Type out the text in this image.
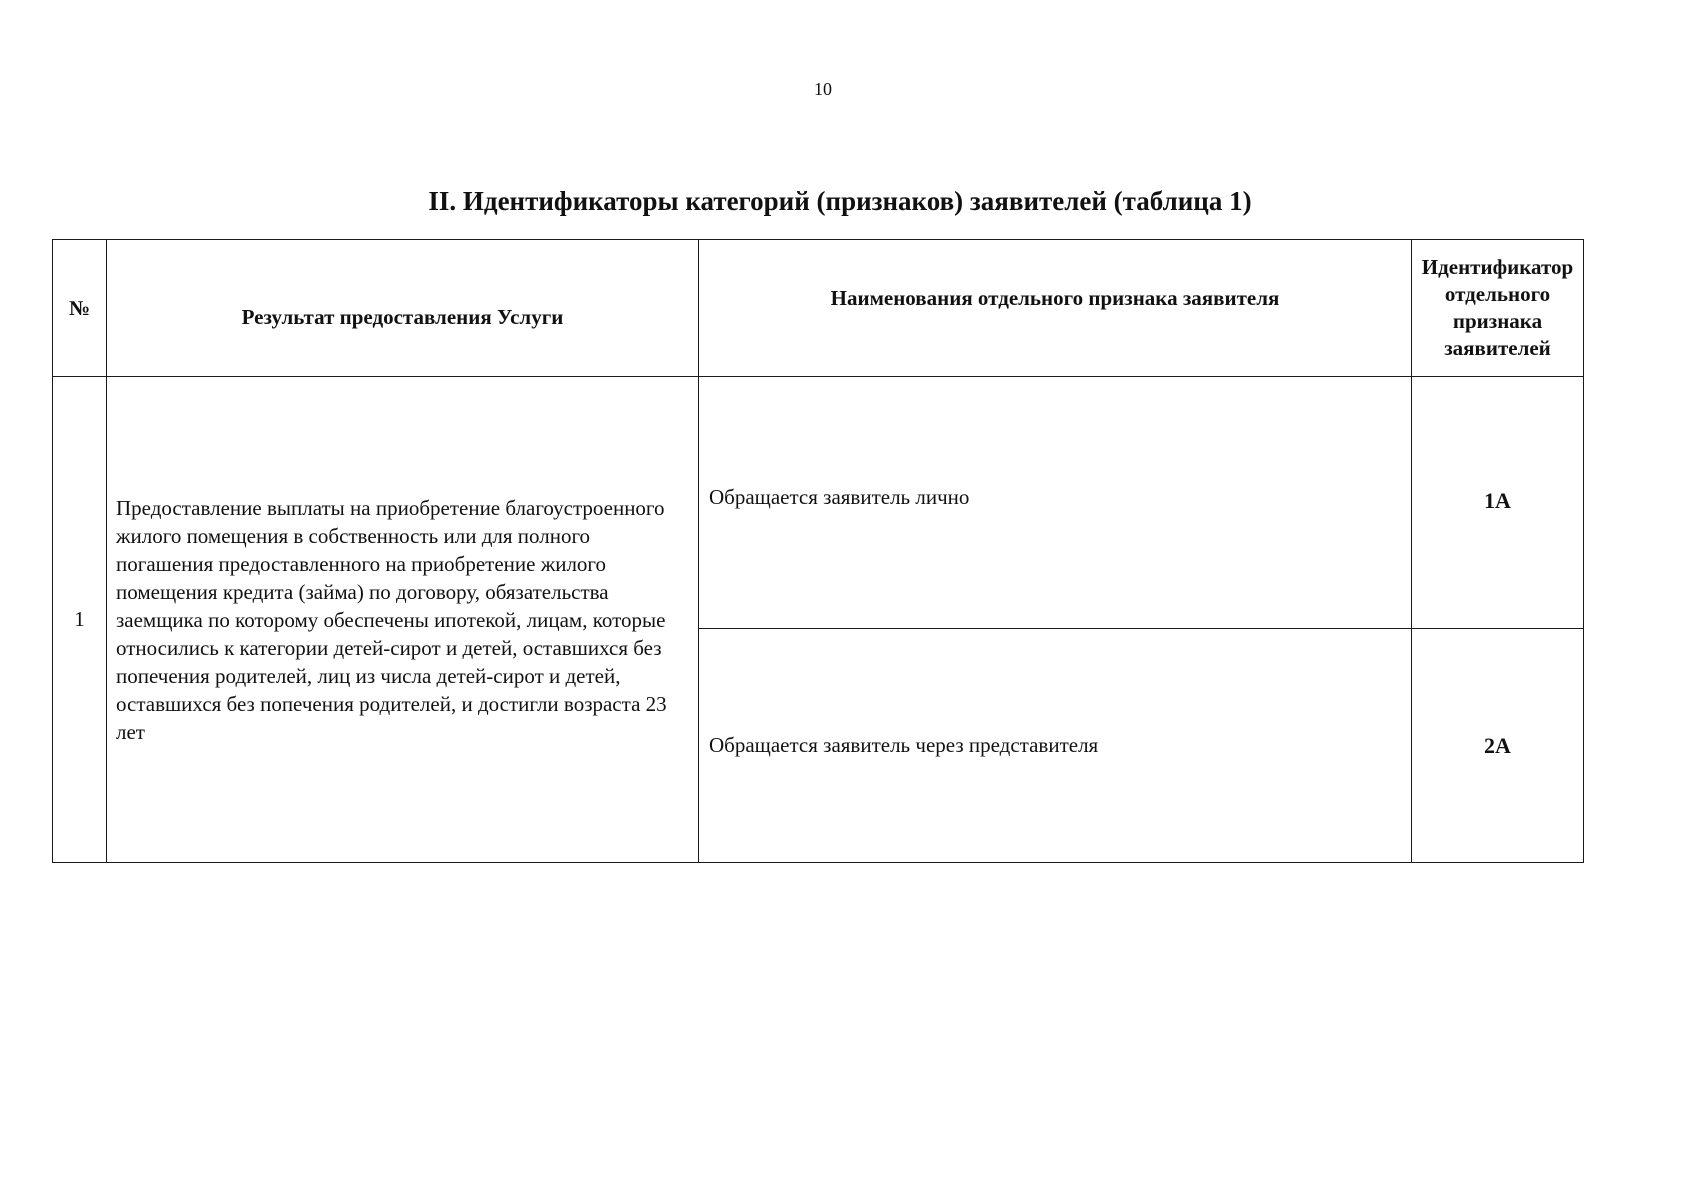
10
II. Идентификаторы категорий (признаков) заявителей (таблица 1)
№	Результат предоставления Услуги	Наименования отдельного признака заявителя	Идентификатор отдельного признака заявителей
1	Предоставление выплаты на приобретение благоустроенного жилого помещения в собственность или для полного погашения предоставленного на приобретение жилого помещения кредита (займа) по договору, обязательства заемщика по которому обеспечены ипотекой, лицам, которые относились к категории детей-сирот и детей, оставшихся без попечения родителей, лиц из числа детей-сирот и детей, оставшихся без попечения родителей, и достигли возраста 23 лет	Обращается заявитель лично	1А
		Обращается заявитель через представителя	2А
